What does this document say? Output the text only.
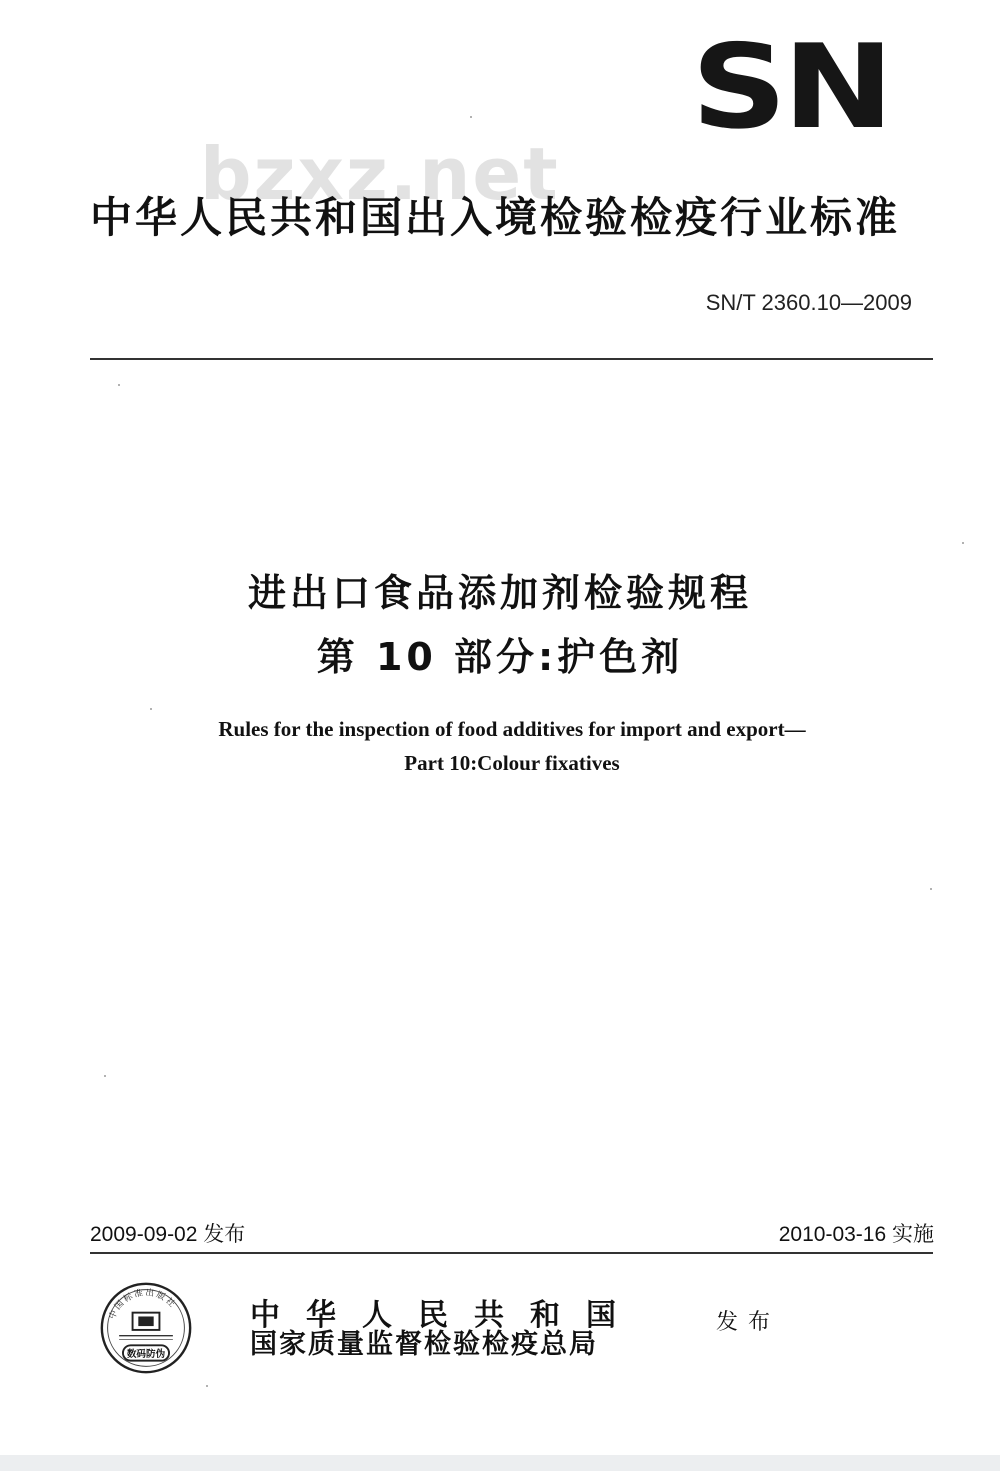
SN
bzxz.net
中华人民共和国出入境检验检疫行业标准
SN/T 2360.10—2009
进出口食品添加剂检验规程
第 10 部分:护色剂
Rules for the inspection of food additives for import and export—
Part 10:Colour fixatives
2009-09-02 发布	2010-03-16 实施
中国标准出版社
数码防伪
中华人民共和国
国家质量监督检验检疫总局
发布
